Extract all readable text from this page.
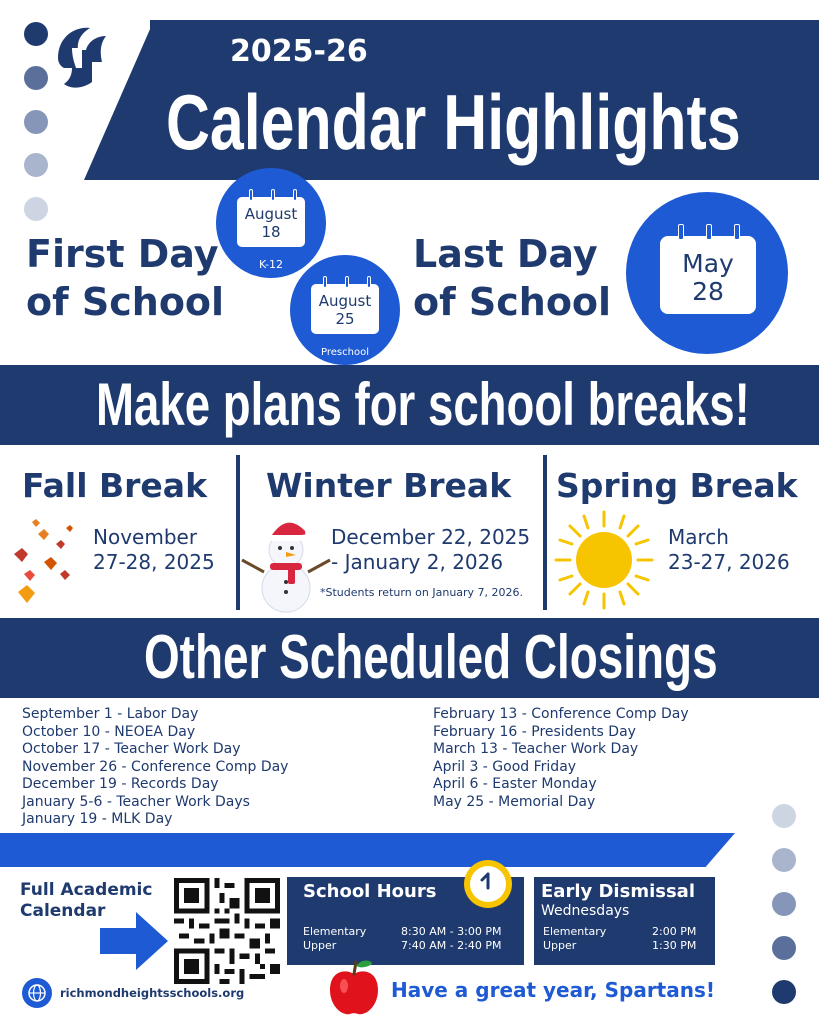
2025-26
Calendar Highlights
First Day
of School
August
18
K-12
August
25
Preschool
Last Day
of School
May
28
Make plans for school breaks!
Fall Break
November
27-28, 2025
Winter Break
December 22, 2025
- January 2, 2026
*Students return on January 7, 2026.
Spring Break
March
23-27, 2026
Other Scheduled Closings
September 1 - Labor Day
October 10 - NEOEA Day
October 17 - Teacher Work Day
November 26 - Conference Comp Day
December 19 - Records Day
January 5-6 - Teacher Work Days
January 19 - MLK Day
February 13 - Conference Comp Day
February 16 - Presidents Day
March 13 - Teacher Work Day
April 3 - Good Friday
April 6 - Easter Monday
May 25 - Memorial Day
Full Academic
Calendar
richmondheightsschools.org
School Hours
Elementary
Upper
8:30 AM - 3:00 PM
7:40 AM - 2:40 PM
Early Dismissal
Wednesdays
Elementary
Upper
2:00 PM
1:30 PM
Have a great year, Spartans!
